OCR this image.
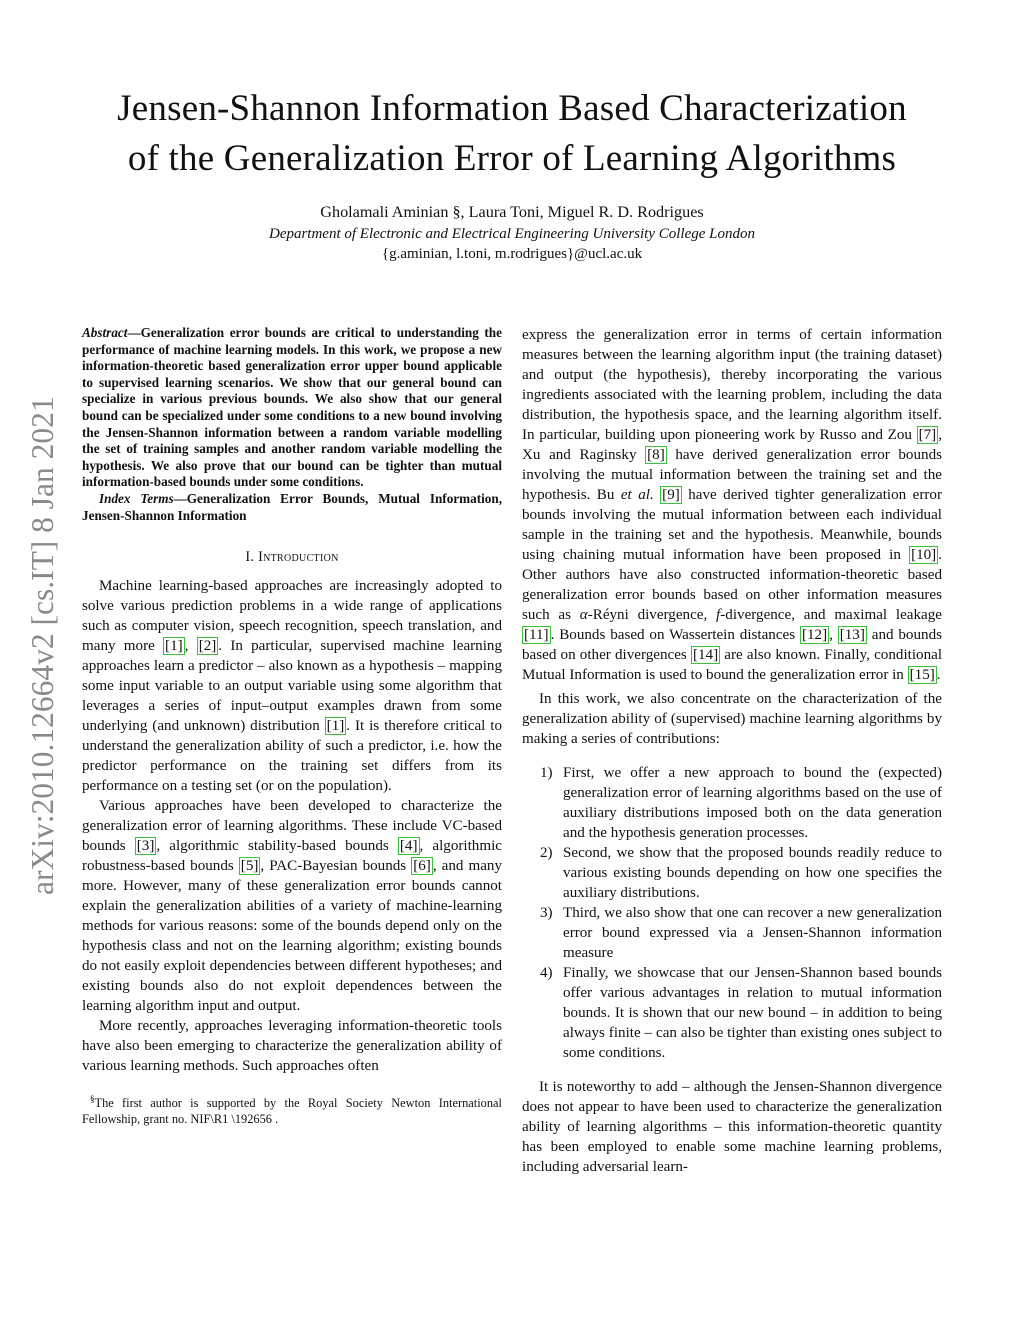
Jensen-Shannon Information Based Characterization
of the Generalization Error of Learning Algorithms
Gholamali Aminian §, Laura Toni, Miguel R. D. Rodrigues
Department of Electronic and Electrical Engineering University College London
{g.aminian, l.toni, m.rodrigues}@ucl.ac.uk
arXiv:2010.12664v2 [cs.IT] 8 Jan 2021
Abstract—Generalization error bounds are critical to understanding the performance of machine learning models. In this work, we propose a new information-theoretic based generalization error upper bound applicable to supervised learning scenarios. We show that our general bound can specialize in various previous bounds. We also show that our general bound can be specialized under some conditions to a new bound involving the Jensen-Shannon information between a random variable modelling the set of training samples and another random variable modelling the hypothesis. We also prove that our bound can be tighter than mutual information-based bounds under some conditions.
Index Terms—Generalization Error Bounds, Mutual Information, Jensen-Shannon Information
I. Introduction

Machine learning-based approaches are increasingly adopted to solve various prediction problems in a wide range of applications such as computer vision, speech recognition, speech translation, and many more [1] , [2] . In particular, supervised machine learning approaches learn a predictor – also known as a hypothesis – mapping some input variable to an output variable using some algorithm that leverages a series of input–output examples drawn from some underlying (and unknown) distribution [1] . It is therefore critical to understand the generalization ability of such a predictor, i.e. how the predictor performance on the training set differs from its performance on a testing set (or on the population).

Various approaches have been developed to characterize the generalization error of learning algorithms. These include VC-based bounds [3] , algorithmic stability-based bounds [4] , algorithmic robustness-based bounds [5] , PAC-Bayesian bounds [6] , and many more. However, many of these generalization error bounds cannot explain the generalization abilities of a variety of machine-learning methods for various reasons: some of the bounds depend only on the hypothesis class and not on the learning algorithm; existing bounds do not easily exploit dependencies between different hypotheses; and existing bounds also do not exploit dependences between the learning algorithm input and output.

More recently, approaches leveraging information-theoretic tools have also been emerging to characterize the generalization ability of various learning methods. Such approaches often

§The first author is supported by the Royal Society Newton International Fellowship, grant no. NIF\R1 \192656 .

express the generalization error in terms of certain information measures between the learning algorithm input (the training dataset) and output (the hypothesis), thereby incorporating the various ingredients associated with the learning problem, including the data distribution, the hypothesis space, and the learning algorithm itself. In particular, building upon pioneering work by Russo and Zou [7] , Xu and Raginsky [8] have derived generalization error bounds involving the mutual information between the training set and the hypothesis. Bu et al. [9] have derived tighter generalization error bounds involving the mutual information between each individual sample in the training set and the hypothesis. Meanwhile, bounds using chaining mutual information have been proposed in [10] . Other authors have also constructed information-theoretic based generalization error bounds based on other information measures such as α-Réyni divergence, f-divergence, and maximal leakage [11] . Bounds based on Wassertein distances [12] , [13] and bounds based on other divergences [14] are also known. Finally, conditional Mutual Information is used to bound the generalization error in [15] .

In this work, we also concentrate on the characterization of the generalization ability of (supervised) machine learning algorithms by making a series of contributions:

1) First, we offer a new approach to bound the (expected) generalization error of learning algorithms based on the use of auxiliary distributions imposed both on the data generation and the hypothesis generation processes.
2) Second, we show that the proposed bounds readily reduce to various existing bounds depending on how one specifies the auxiliary distributions.
3) Third, we also show that one can recover a new generalization error bound expressed via a Jensen-Shannon information measure
4) Finally, we showcase that our Jensen-Shannon based bounds offer various advantages in relation to mutual information bounds. It is shown that our new bound – in addition to being always finite – can also be tighter than existing ones subject to some conditions.

It is noteworthy to add – although the Jensen-Shannon divergence does not appear to have been used to characterize the generalization ability of learning algorithms – this information-theoretic quantity has been employed to enable some machine learning problems, including adversarial learn-
